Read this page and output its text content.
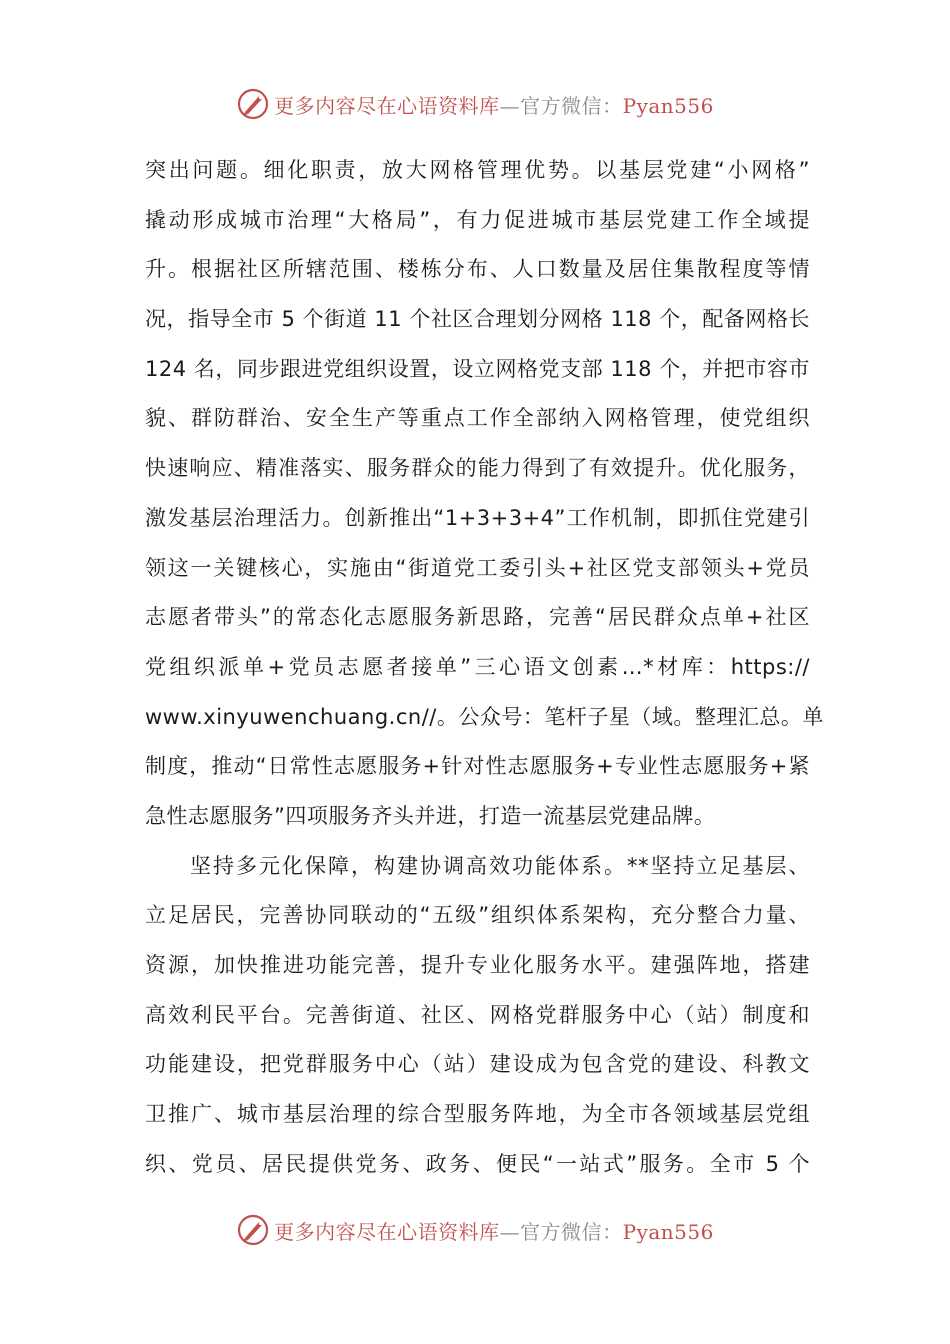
更多内容尽在心语资料库—官方微信：Pyan556
突出问题。细化职责，放大网格管理优势。以基层党建“小网格”
撬动形成城市治理“大格局”，有力促进城市基层党建工作全域提
升。根据社区所辖范围、楼栋分布、人口数量及居住集散程度等情
况，指导全市 5 个街道 11 个社区合理划分网格 118 个，配备网格长
124 名，同步跟进党组织设置，设立网格党支部 118 个，并把市容市
貌、群防群治、安全生产等重点工作全部纳入网格管理，使党组织
快速响应、精准落实、服务群众的能力得到了有效提升。优化服务，
激发基层治理活力。创新推出“1+3+3+4”工作机制，即抓住党建引
领这一关键核心，实施由“街道党工委引头+社区党支部领头+党员
志愿者带头”的常态化志愿服务新思路，完善“居民群众点单+社区
党组织派单+党员志愿者接单”三心语文创素…*材库：https://
www.xinyuwenchuang.cn//。公众号：笔杆子星（域。整理汇总。单
制度，推动“日常性志愿服务+针对性志愿服务+专业性志愿服务+紧
急性志愿服务”四项服务齐头并进，打造一流基层党建品牌。
坚持多元化保障，构建协调高效功能体系。**坚持立足基层、
立足居民，完善协同联动的“五级”组织体系架构，充分整合力量、
资源，加快推进功能完善，提升专业化服务水平。建强阵地，搭建
高效利民平台。完善街道、社区、网格党群服务中心（站）制度和
功能建设，把党群服务中心（站）建设成为包含党的建设、科教文
卫推广、城市基层治理的综合型服务阵地，为全市各领域基层党组
织、党员、居民提供党务、政务、便民“一站式”服务。全市 5 个
更多内容尽在心语资料库—官方微信：Pyan556
